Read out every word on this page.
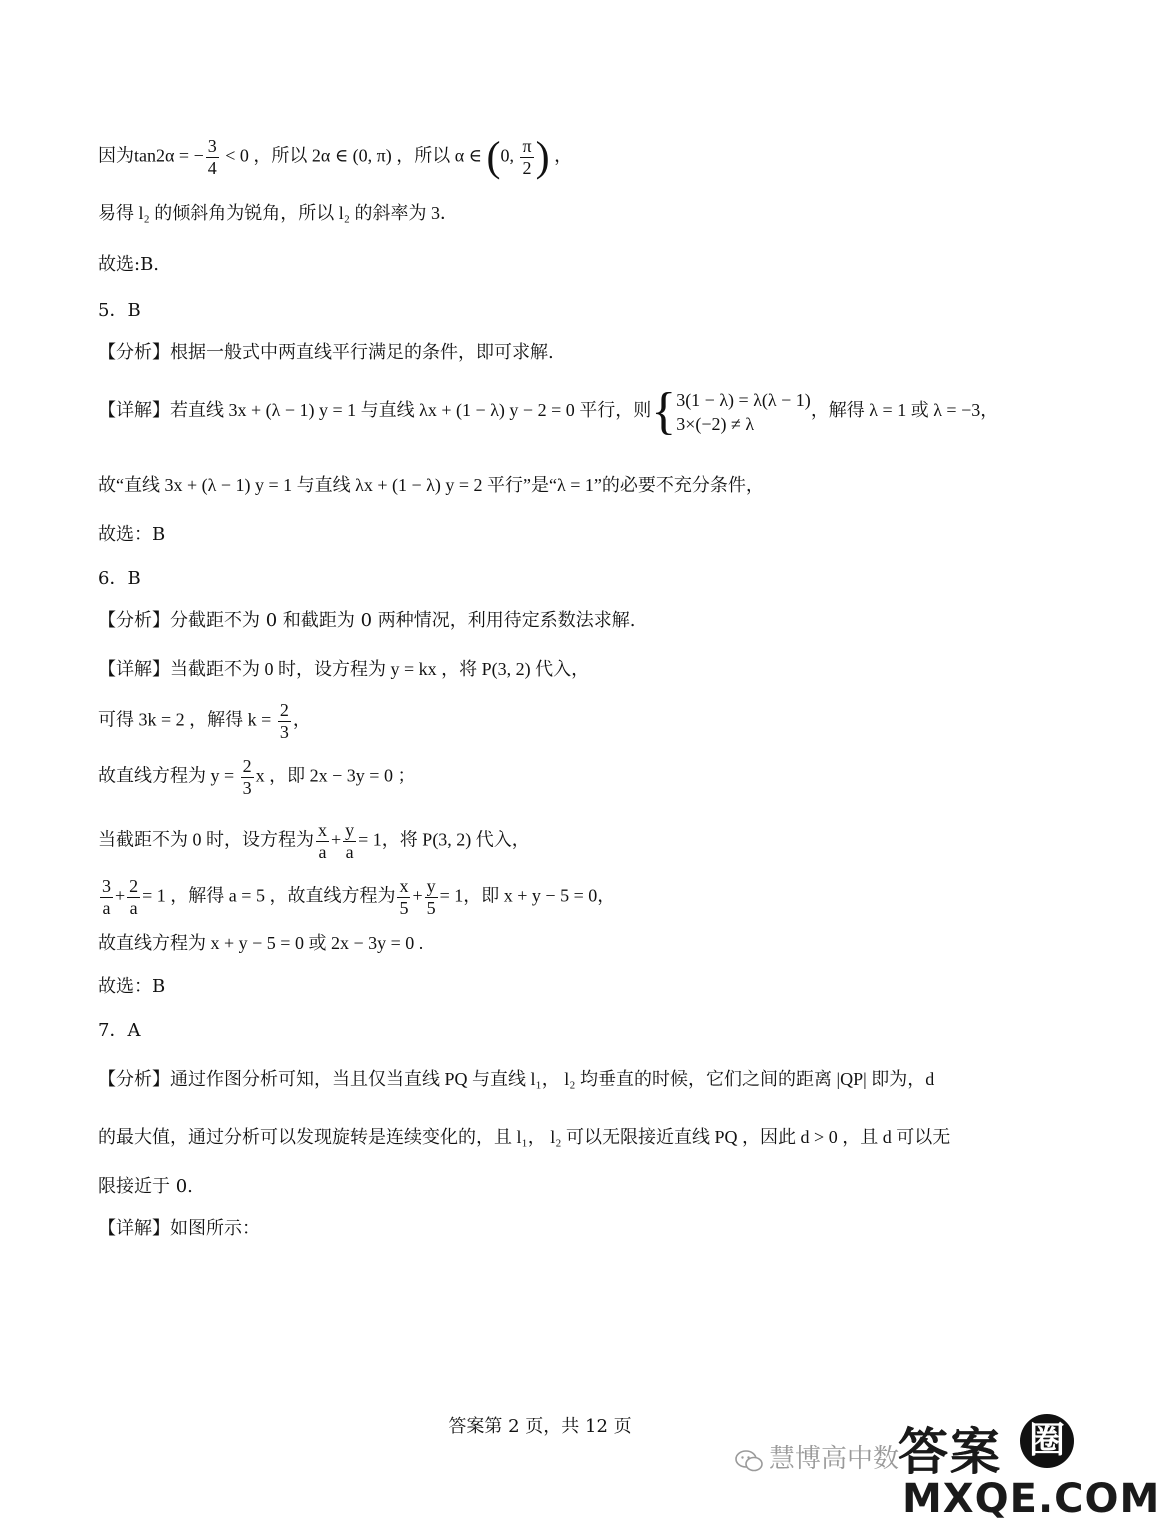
因为tan2α = − $\frac{3}{4} < 0$ ，所以 2α ∈ (0, π) ，所以 α ∈ (0, $\frac{\pi}{2}$ ) ，
易得 l₂ 的倾斜角为锐角，所以 l₂ 的斜率为 3．
故选:B.
5．B
【分析】根据一般式中两直线平行满足的条件，即可求解.
【详解】若直线 3x + (λ − 1) y = 1 与直线 λx + (1 − λ) y − 2 = 0 平行，则{ 3(1 − λ) = λ(λ − 1)
3×(−2) ≠ λ
，解得 λ = 1 或 λ = −3，
故“直线 3x + (λ − 1) y = 1 与直线 λx + (1 − λ) y = 2 平行”是“λ = 1”的必要不充分条件，
故选：B
6．B
【分析】分截距不为 0 和截距为 0 两种情况，利用待定系数法求解.
【详解】当截距不为 0 时，设方程为 y = kx ，将 P(3, 2) 代入，
可得 3k = 2 ，解得 $k = \frac{2}{3}$ ，
故直线方程为 $y = \frac{2}{3}$ x ，即 2x − 3y = 0 ；
当截距不为 0 时，设方程为 $\frac{x}{a} + \frac{y}{a} = 1$，将 P(3, 2) 代入，
$\frac{3}{a} + \frac{2}{a} = 1$ ，解得 a = 5 ，故直线方程为 $\frac{x}{5} + \frac{y}{5} = 1$，即 x + y − 5 = 0，
故直线方程为 x + y − 5 = 0 或 2x − 3y = 0 .
故选：B
7．A
【分析】通过作图分析可知，当且仅当直线 PQ 与直线 l₁， l₂ 均垂直的时候，它们之间的距离 |QP| 即为，d
的最大值，通过分析可以发现旋转是连续变化的，且 l₁， l₂ 可以无限接近直线 PQ ，因此 d > 0 ，且 d 可以无
限接近于 0.
【详解】如图所示：
答案第 2 页，共 12 页
慧博高中数
答案 圈
MXQE.COM
